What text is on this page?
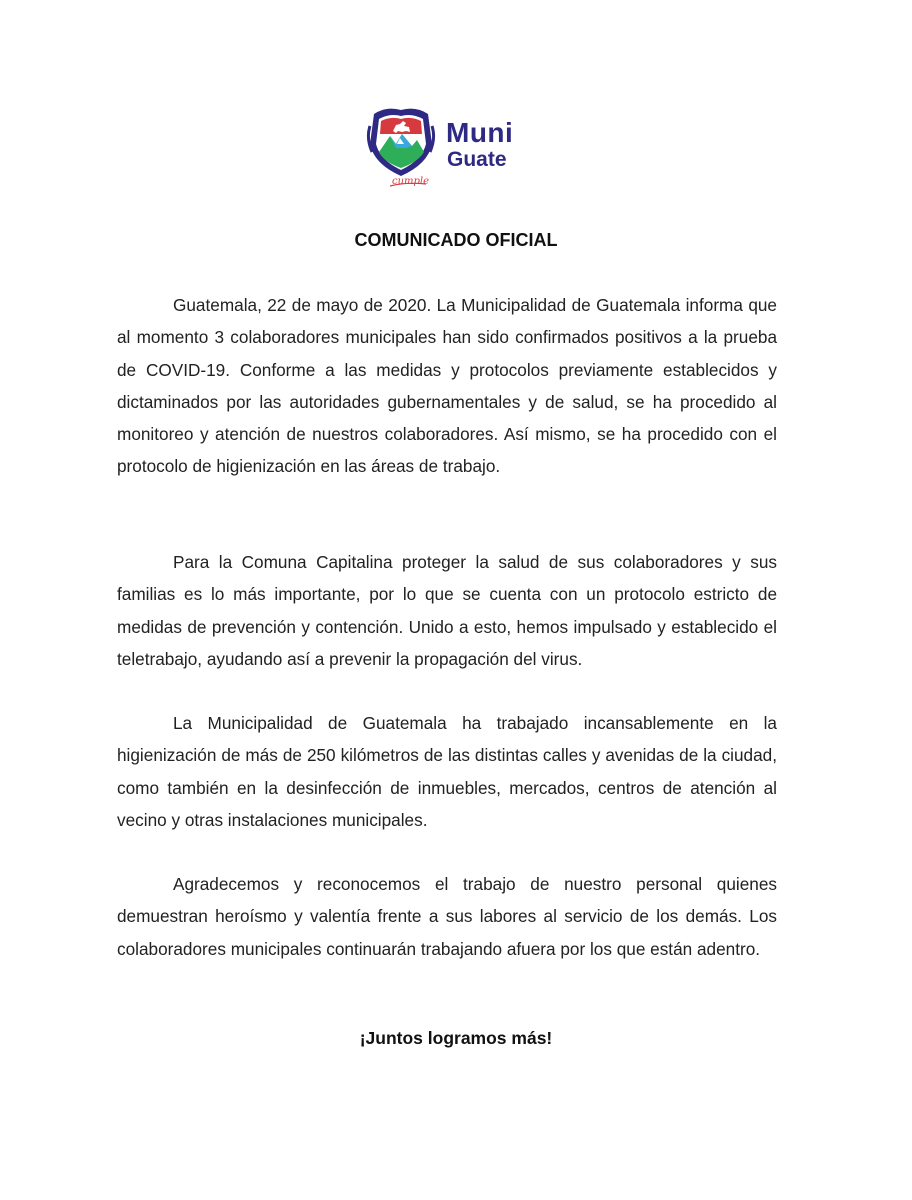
cumple
Muni
Guate
COMUNICADO OFICIAL

Guatemala, 22 de mayo de 2020. La Municipalidad de Guatemala informa que al momento 3 colaboradores municipales han sido confirmados positivos a la prueba de COVID-19. Conforme a las medidas y protocolos previamente establecidos y dictaminados por las autoridades gubernamentales y de salud, se ha procedido al monitoreo y atención de nuestros colaboradores. Así mismo, se ha procedido con el protocolo de higienización en las áreas de trabajo.

Para la Comuna Capitalina proteger la salud de sus colaboradores y sus familias es lo más importante, por lo que se cuenta con un protocolo estricto de medidas de prevención y contención. Unido a esto, hemos impulsado y establecido el teletrabajo, ayudando así a prevenir la propagación del virus.

La Municipalidad de Guatemala ha trabajado incansablemente en la higienización de más de 250 kilómetros de las distintas calles y avenidas de la ciudad, como también en la desinfección de inmuebles, mercados, centros de atención al vecino y otras instalaciones municipales.

Agradecemos y reconocemos el trabajo de nuestro personal quienes demuestran heroísmo y valentía frente a sus labores al servicio de los demás. Los colaboradores municipales continuarán trabajando afuera por los que están adentro.

¡Juntos logramos más!
